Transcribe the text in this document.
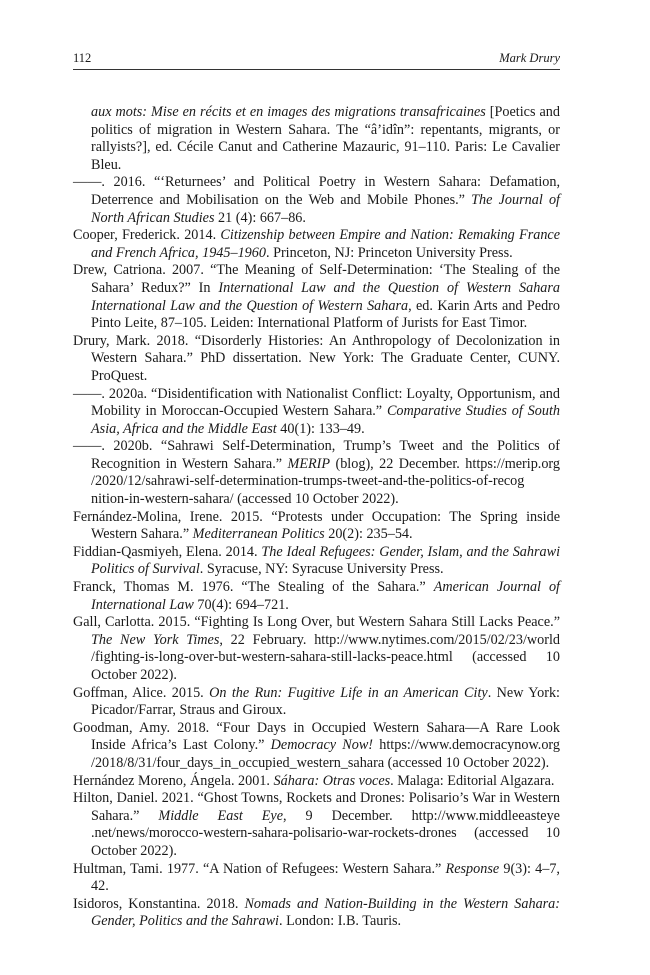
112	Mark Drury
aux mots: Mise en récits et en images des migrations transafricaines [Poetics and politics of migration in Western Sahara. The “â’idîn”: repentants, migrants, or rallyists?], ed. Cécile Canut and Catherine Mazauric, 91–110. Paris: Le Cavalier Bleu.
——. 2016. “‘Returnees’ and Political Poetry in Western Sahara: Defamation, Deterrence and Mobilisation on the Web and Mobile Phones.” The Journal of North African Studies 21 (4): 667–86.
Cooper, Frederick. 2014. Citizenship between Empire and Nation: Remaking France and French Africa, 1945–1960. Princeton, NJ: Princeton University Press.
Drew, Catriona. 2007. “The Meaning of Self-Determination: ‘The Stealing of the Sahara’ Redux?” In International Law and the Question of Western Sahara International Law and the Question of Western Sahara, ed. Karin Arts and Pedro Pinto Leite, 87–105. Leiden: International Platform of Jurists for East Timor.
Drury, Mark. 2018. “Disorderly Histories: An Anthropology of Decolonization in Western Sahara.” PhD dissertation. New York: The Graduate Center, CUNY. ProQuest.
——. 2020a. “Disidentification with Nationalist Conflict: Loyalty, Opportunism, and Mobility in Moroccan-Occupied Western Sahara.” Comparative Studies of South Asia, Africa and the Middle East 40(1): 133–49.
——. 2020b. “Sahrawi Self-Determination, Trump’s Tweet and the Politics of Recognition in Western Sahara.” MERIP (blog), 22 December. https://merip.org /2020/12/sahrawi-self-determination-trumps-tweet-and-the-politics-of-recog nition-in-western-sahara/ (accessed 10 October 2022).
Fernández-Molina, Irene. 2015. “Protests under Occupation: The Spring inside Western Sahara.” Mediterranean Politics 20(2): 235–54.
Fiddian-Qasmiyeh, Elena. 2014. The Ideal Refugees: Gender, Islam, and the Sahrawi Politics of Survival. Syracuse, NY: Syracuse University Press.
Franck, Thomas M. 1976. “The Stealing of the Sahara.” American Journal of International Law 70(4): 694–721.
Gall, Carlotta. 2015. “Fighting Is Long Over, but Western Sahara Still Lacks Peace.” The New York Times, 22 February. http://www.nytimes.com/2015/02/23/world /fighting-is-long-over-but-western-sahara-still-lacks-peace.html (accessed 10 October 2022).
Goffman, Alice. 2015. On the Run: Fugitive Life in an American City. New York: Picador/Farrar, Straus and Giroux.
Goodman, Amy. 2018. “Four Days in Occupied Western Sahara—A Rare Look Inside Africa’s Last Colony.” Democracy Now! https://www.democracynow.org /2018/8/31/four_days_in_occupied_western_sahara (accessed 10 October 2022).
Hernández Moreno, Ángela. 2001. Sáhara: Otras voces. Malaga: Editorial Algazara.
Hilton, Daniel. 2021. “Ghost Towns, Rockets and Drones: Polisario’s War in Western Sahara.” Middle East Eye, 9 December. http://www.middleeasteye .net/news/morocco-western-sahara-polisario-war-rockets-drones (accessed 10 October 2022).
Hultman, Tami. 1977. “A Nation of Refugees: Western Sahara.” Response 9(3): 4–7, 42.
Isidoros, Konstantina. 2018. Nomads and Nation-Building in the Western Sahara: Gender, Politics and the Sahrawi. London: I.B. Tauris.
